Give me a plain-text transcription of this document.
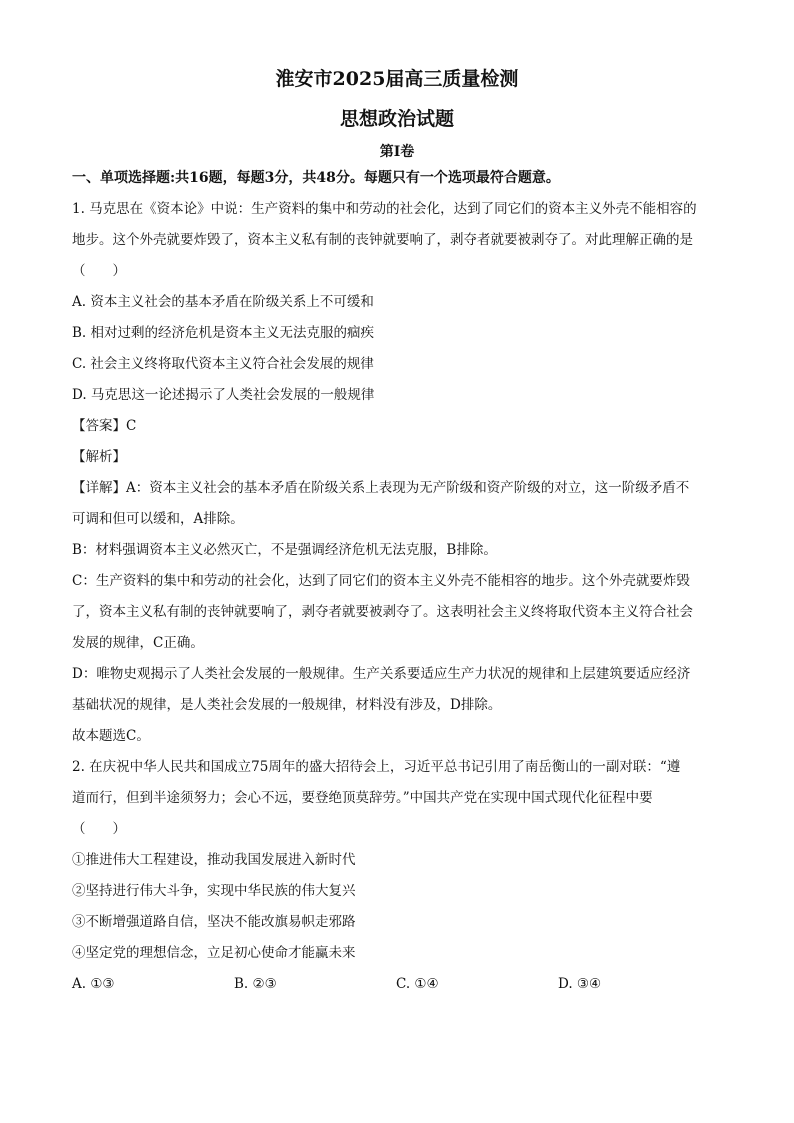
淮安市2025届高三质量检测
思想政治试题
第Ⅰ卷
一、单项选择题:共16题，每题3分，共48分。每题只有一个选项最符合题意。
1. 马克思在《资本论》中说：生产资料的集中和劳动的社会化，达到了同它们的资本主义外壳不能相容的
地步。这个外壳就要炸毁了，资本主义私有制的丧钟就要响了，剥夺者就要被剥夺了。对此理解正确的是
（　　）
A. 资本主义社会的基本矛盾在阶级关系上不可缓和
B. 相对过剩的经济危机是资本主义无法克服的痼疾
C. 社会主义终将取代资本主义符合社会发展的规律
D. 马克思这一论述揭示了人类社会发展的一般规律
【答案】C
【解析】
【详解】A：资本主义社会的基本矛盾在阶级关系上表现为无产阶级和资产阶级的对立，这一阶级矛盾不
可调和但可以缓和，A排除。
B：材料强调资本主义必然灭亡，不是强调经济危机无法克服，B排除。
C：生产资料的集中和劳动的社会化，达到了同它们的资本主义外壳不能相容的地步。这个外壳就要炸毁
了，资本主义私有制的丧钟就要响了，剥夺者就要被剥夺了。这表明社会主义终将取代资本主义符合社会
发展的规律，C正确。
D：唯物史观揭示了人类社会发展的一般规律。生产关系要适应生产力状况的规律和上层建筑要适应经济
基础状况的规律，是人类社会发展的一般规律，材料没有涉及，D排除。
故本题选C。
2. 在庆祝中华人民共和国成立75周年的盛大招待会上，习近平总书记引用了南岳衡山的一副对联：“遵
道而行，但到半途须努力；会心不远，要登绝顶莫辞劳。”中国共产党在实现中国式现代化征程中要
（　　）
①推进伟大工程建设，推动我国发展进入新时代
②坚持进行伟大斗争，实现中华民族的伟大复兴
③不断增强道路自信，坚决不能改旗易帜走邪路
④坚定党的理想信念，立足初心使命才能赢未来
A. ①③	B. ②③	C. ①④	D. ③④
